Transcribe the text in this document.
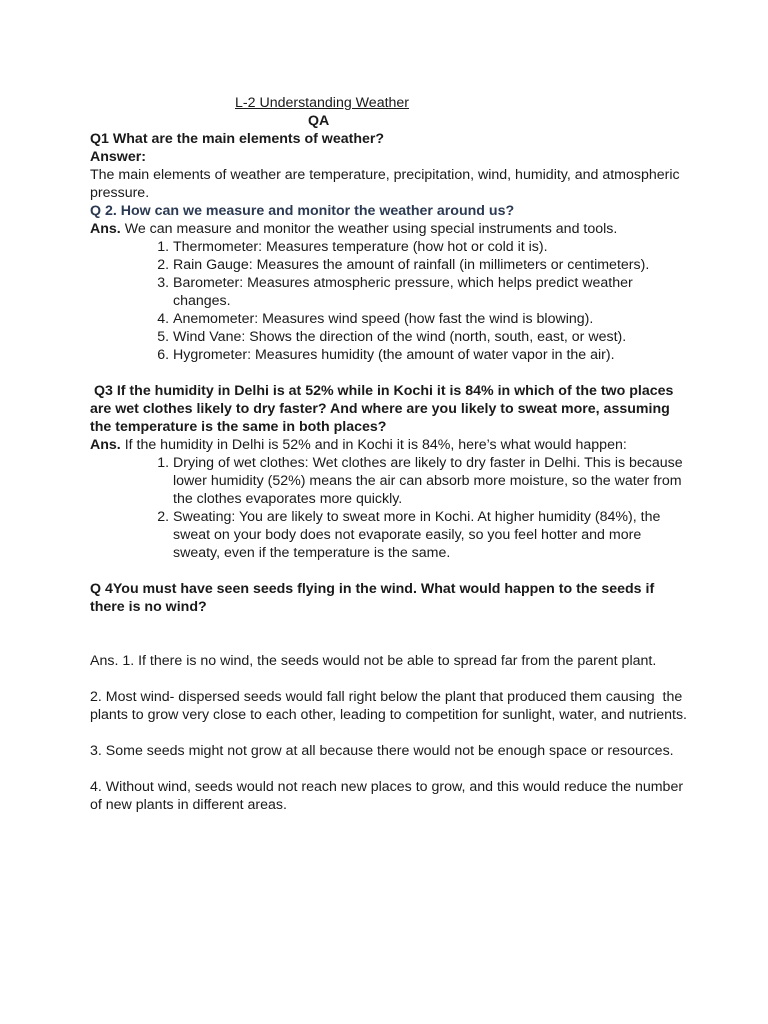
L-2 Understanding Weather

QA

Q1 What are the main elements of weather?

Answer:

The main elements of weather are temperature, precipitation, wind, humidity, and atmospheric pressure.

Q 2. How can we measure and monitor the weather around us?

Ans. We can measure and monitor the weather using special instruments and tools.

1. Thermometer: Measures temperature (how hot or cold it is).
2. Rain Gauge: Measures the amount of rainfall (in millimeters or centimeters).
3. Barometer: Measures atmospheric pressure, which helps predict weather changes.
4. Anemometer: Measures wind speed (how fast the wind is blowing).
5. Wind Vane: Shows the direction of the wind (north, south, east, or west).
6. Hygrometer: Measures humidity (the amount of water vapor in the air).

Q3 If the humidity in Delhi is at 52% while in Kochi it is 84% in which of the two places are wet clothes likely to dry faster? And where are you likely to sweat more, assuming the temperature is the same in both places?

Ans. If the humidity in Delhi is 52% and in Kochi it is 84%, here’s what would happen:

1. Drying of wet clothes: Wet clothes are likely to dry faster in Delhi. This is because lower humidity (52%) means the air can absorb more moisture, so the water from the clothes evaporates more quickly.
2. Sweating: You are likely to sweat more in Kochi. At higher humidity (84%), the sweat on your body does not evaporate easily, so you feel hotter and more sweaty, even if the temperature is the same.

Q 4You must have seen seeds flying in the wind. What would happen to the seeds if there is no wind?

Ans. 1. If there is no wind, the seeds would not be able to spread far from the parent plant.

2. Most wind- dispersed seeds would fall right below the plant that produced them causing  the plants to grow very close to each other, leading to competition for sunlight, water, and nutrients.

3. Some seeds might not grow at all because there would not be enough space or resources.

4. Without wind, seeds would not reach new places to grow, and this would reduce the number of new plants in different areas.
